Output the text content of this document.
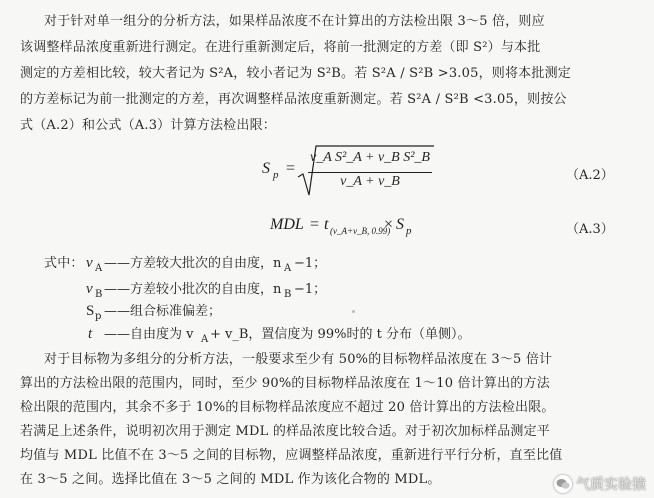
对于针对单一组分的分析方法，如果样品浓度不在计算出的方法检出限 3～5 倍，则应
该调整样品浓度重新进行测定。在进行重新测定后，将前一批测定的方差（即 S²）与本批
测定的方差相比较，较大者记为 S²A，较小者记为 S²B。若 S²A / S²B >3.05，则将本批测定
的方差标记为前一批测定的方差，再次调整样品浓度重新测定。若 S²A / S²B <3.05，则按公
式（A.2）和公式（A.3）计算方法检出限：
S p =
v_A S²_A + v_B S²_B
v_A + v_B	（A.2）
MDL = t (v_A+v_B, 0.99)
× S p	（A.3）
式中： v A ——方差较大批次的自由度，n A −1；
v B ——方差较小批次的自由度，n B −1；
S p ——组合标准偏差；
t ——自由度为 v A + v_B，置信度为 99%时的 t 分布（单侧）。
对于目标物为多组分的分析方法，一般要求至少有 50%的目标物样品浓度在 3～5 倍计
算出的方法检出限的范围内，同时，至少 90%的目标物样品浓度在 1～10 倍计算出的方法
检出限的范围内，其余不多于 10%的目标物样品浓度应不超过 20 倍计算出的方法检出限。
若满足上述条件，说明初次用于测定 MDL 的样品浓度比较合适。对于初次加标样品测定平
均值与 MDL 比值不在 3～5 之间的目标物，应调整样品浓度，重新进行平行分析，直至比值
在 3～5 之间。选择比值在 3～5 之间的 MDL 作为该化合物的 MDL。	气质实验猿
